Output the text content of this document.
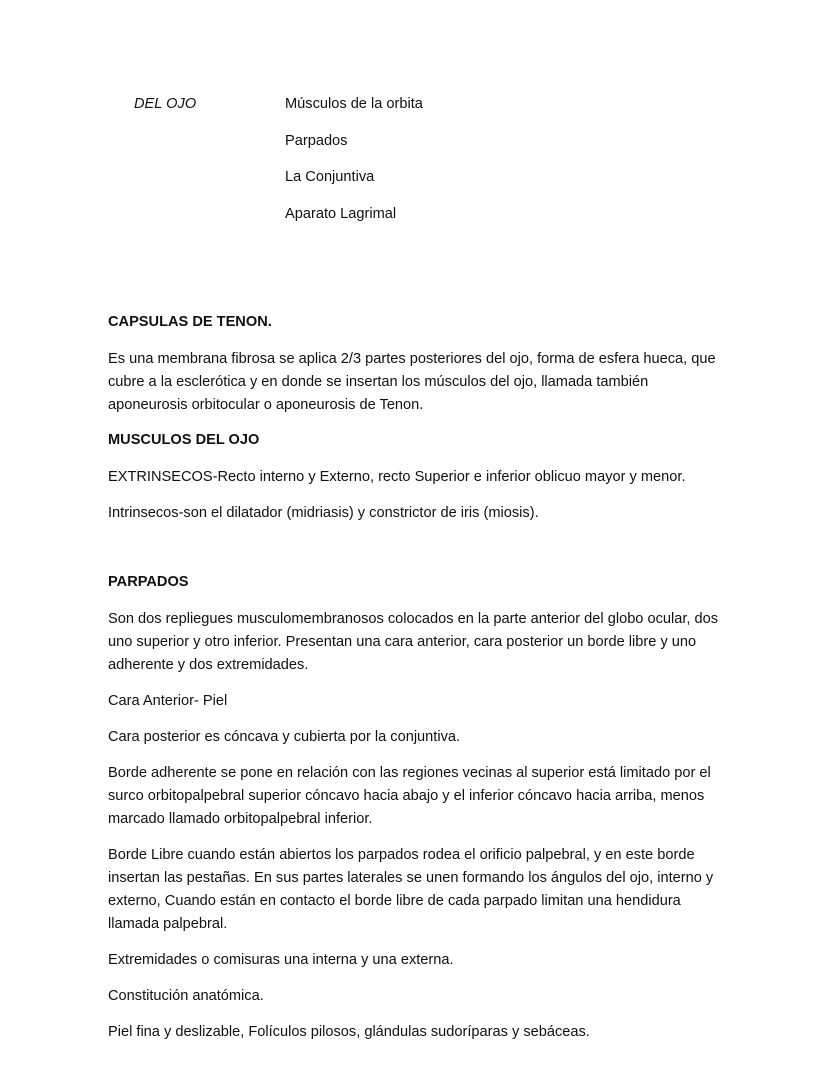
DEL OJO	Músculos de la orbita
Parpados
La Conjuntiva
Aparato Lagrimal
CAPSULAS DE TENON.

Es una membrana fibrosa se aplica 2/3 partes posteriores del ojo, forma de esfera hueca, que cubre a la esclerótica y en donde se insertan los músculos del ojo, llamada también aponeurosis orbitocular o aponeurosis de Tenon.

MUSCULOS DEL OJO

EXTRINSECOS-Recto interno y Externo, recto Superior e inferior oblicuo mayor y menor.

Intrinsecos-son el dilatador (midriasis) y constrictor de iris (miosis).

PARPADOS

Son dos repliegues musculomembranosos colocados en la parte anterior del globo ocular, dos uno superior y otro inferior. Presentan una cara anterior, cara posterior un borde libre y uno adherente y dos extremidades.

Cara Anterior- Piel

Cara posterior es cóncava y cubierta por la conjuntiva.

Borde adherente se pone en relación con las regiones vecinas al superior está limitado por el surco orbitopalpebral superior cóncavo hacia abajo y el inferior cóncavo hacia arriba, menos marcado llamado orbitopalpebral inferior.

Borde Libre cuando están abiertos los parpados rodea el orificio palpebral, y en este borde insertan las pestañas. En sus partes laterales se unen formando los ángulos del ojo, interno y externo, Cuando están en contacto el borde libre de cada parpado limitan una hendidura llamada palpebral.

Extremidades o comisuras una interna y una externa.

Constitución anatómica.

Piel fina y deslizable, Folículos pilosos, glándulas sudoríparas y sebáceas.
